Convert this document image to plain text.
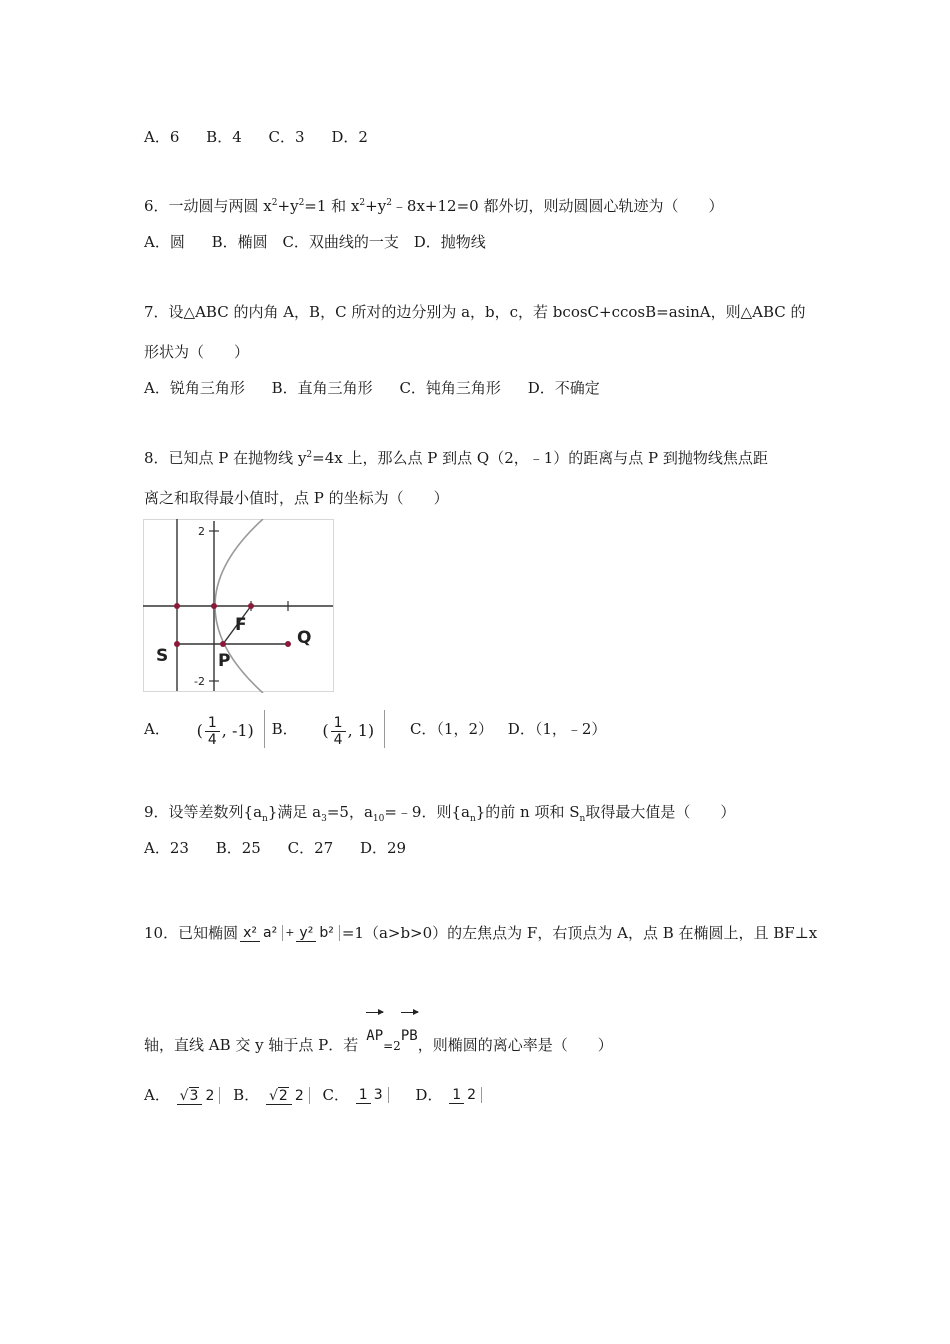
A．6 B．4 C．3 D．2
6．一动圆与两圆 $x^2+y^2=1$ 和 $x^2+y^2﹣8x+12=0$ 都外切，则动圆圆心轨迹为（　　）
A．圆 B．椭圆 C．双曲线的一支 D．抛物线
7．设△ABC 的内角 A，B，C 所对的边分别为 a，b，c，若 bcosC+ccosB=asinA，则△ABC 的
形状为（　　）
A．锐角三角形 B．直角三角形 C．钝角三角形 D．不确定
8．已知点 P 在抛物线 $y^2=4x$ 上，那么点 P 到点 Q（2，﹣1）的距离与点 P 到抛物线焦点距
离之和取得最小值时，点 P 的坐标为（　　）
2
-2
S
F
P
Q
A． ( $\frac{1}{4}$ , -1) B． ( $\frac{1}{4}$ , 1) C．（1，2） D．（1，﹣2）
9．设等差数列$\{a_n\}$满足 $a_3=5$，$a_{10}=﹣9$．则$\{a_n\}$的前 n 项和 $S_n$取得最大值是（　　）
A．23 B．25 C．27 D．29
10．已知椭圆 x² a² + y² b² =1（a>b>0）的左焦点为 F，右顶点为 A，点 B 在椭圆上，且 BF⊥x
轴，直线 AB 交 y 轴于点 P．若 AP=2PB，则椭圆的离心率是（　　）
A． √3 2 B． √2 2 C． 1 3 D． 1 2
